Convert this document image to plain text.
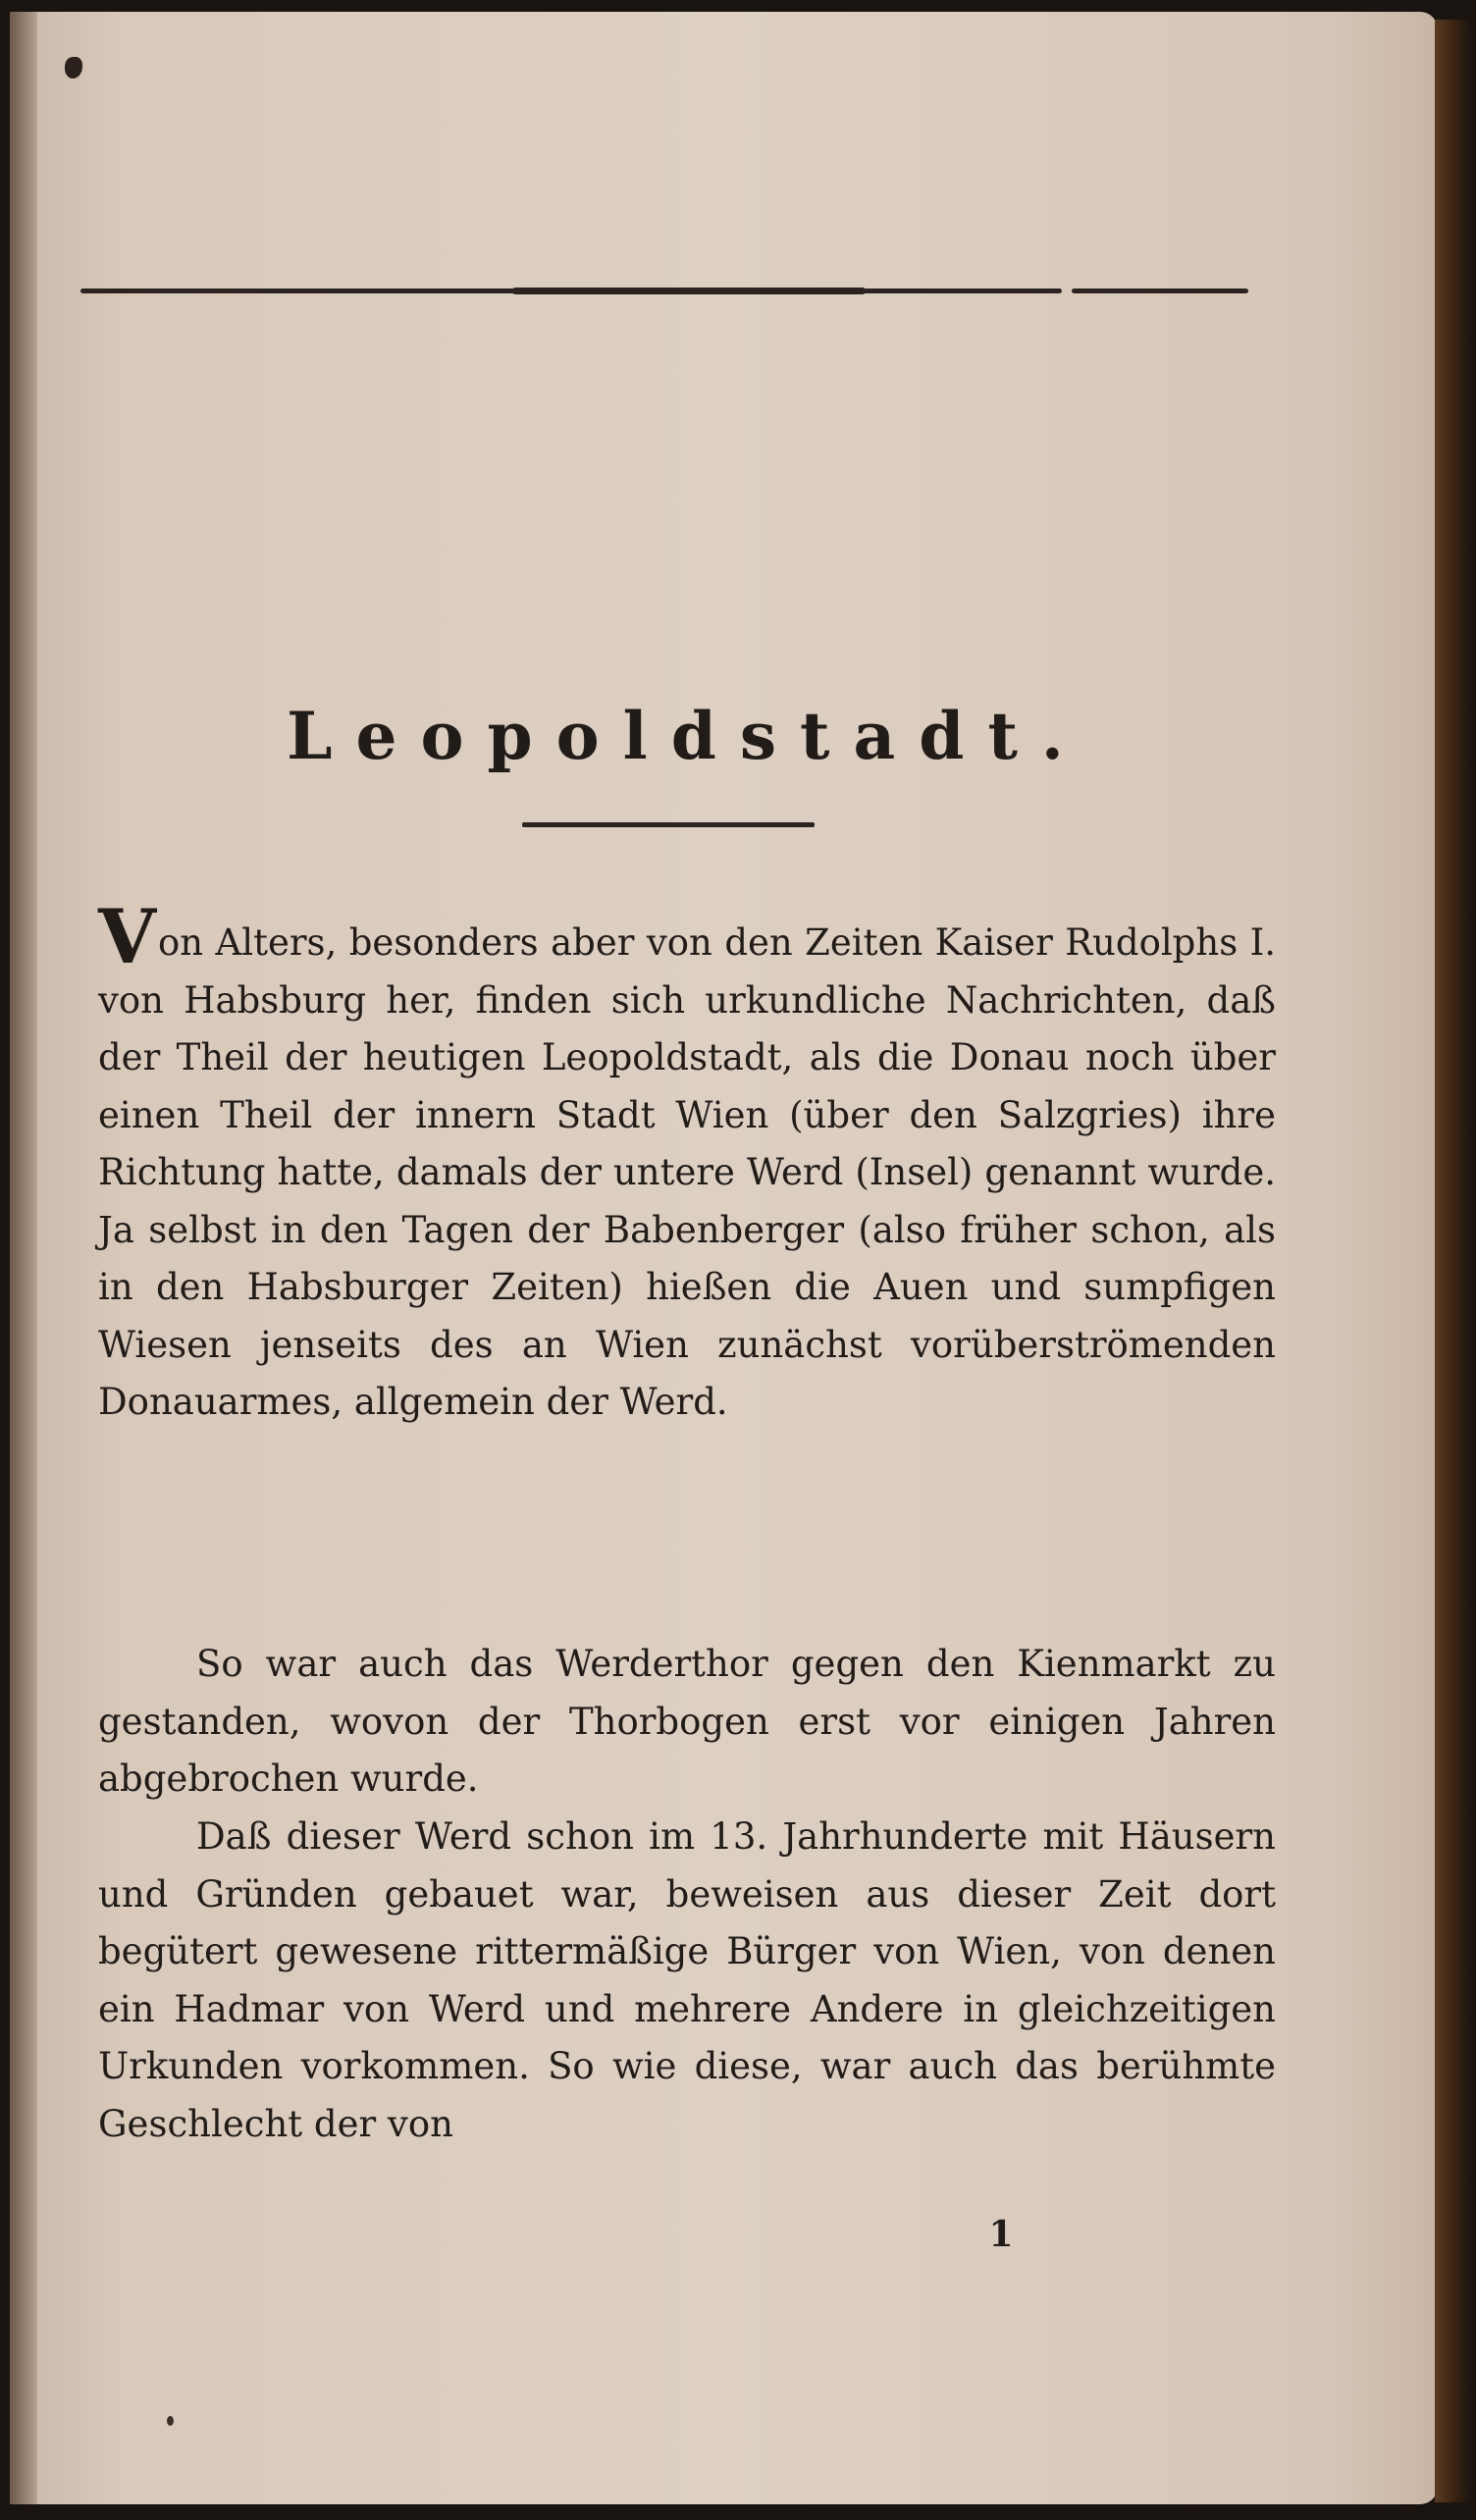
Leopoldstadt.

Von Alters, besonders aber von den Zeiten Kaiser Rudolphs I. von Habsburg her, finden sich urkundliche Nachrichten, daß der Theil der heutigen Leopoldstadt, als die Donau noch über einen Theil der innern Stadt Wien (über den Salzgries) ihre Richtung hatte, damals der untere Werd (Insel) genannt wurde. Ja selbst in den Tagen der Babenberger (also früher schon, als in den Habsburger Zeiten) hießen die Auen und sumpfigen Wiesen jenseits des an Wien zunächst vorüberströmenden Donauarmes, allgemein der Werd.

So war auch das Werderthor gegen den Kienmarkt zu gestanden, wovon der Thorbogen erst vor einigen Jahren abgebrochen wurde.

Daß dieser Werd schon im 13. Jahrhunderte mit Häusern und Gründen gebauet war, beweisen aus dieser Zeit dort begütert gewesene rittermäßige Bürger von Wien, von denen ein Hadmar von Werd und mehrere Andere in gleichzeitigen Urkunden vorkommen. So wie diese, war auch das berühmte Geschlecht der von

1
